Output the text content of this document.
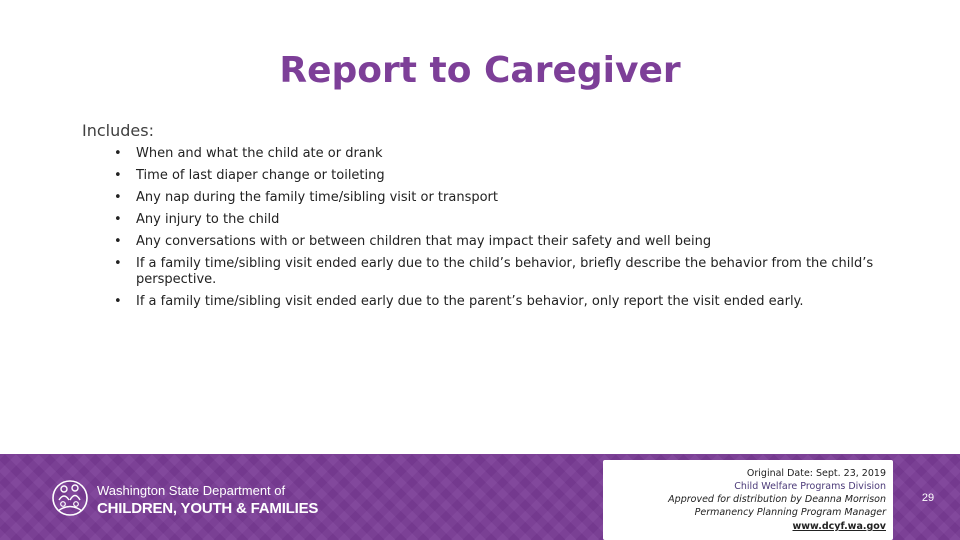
Report to Caregiver
Includes:
• When and what the child ate or drank
• Time of last diaper change or toileting
• Any nap during the family time/sibling visit or transport
• Any injury to the child
• Any conversations with or between children that may impact their safety and well being
• If a family time/sibling visit ended early due to the child’s behavior, briefly describe the behavior from the child’s perspective.
• If a family time/sibling visit ended early due to the parent’s behavior, only report the visit ended early.
Washington State Department of
CHILDREN, YOUTH & FAMILIES
Original Date: Sept. 23, 2019
Child Welfare Programs Division
Approved for distribution by Deanna Morrison
Permanency Planning Program Manager
www.dcyf.wa.gov
29
